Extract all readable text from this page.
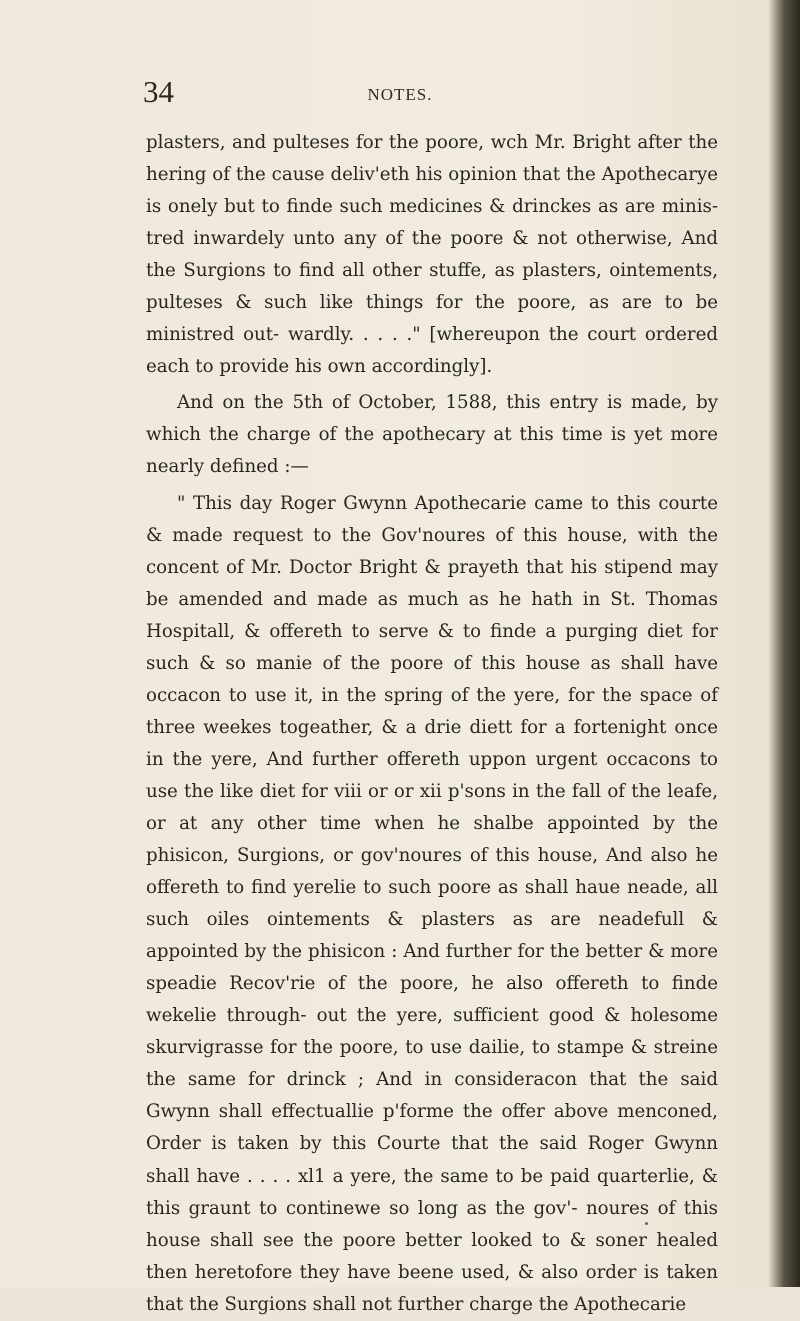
34	NOTES.

plasters, and pulteses for the poore, wch Mr. Bright after the hering of the cause deliv'eth his opinion that the Apothecarye is onely but to finde such medicines & drinckes as are minis- tred inwardely unto any of the poore & not otherwise, And the Surgions to find all other stuffe, as plasters, ointements, pulteses & such like things for the poore, as are to be ministred out- wardly. . . . ." [whereupon the court ordered each to provide his own accordingly].

And on the 5th of October, 1588, this entry is made, by which the charge of the apothecary at this time is yet more nearly defined :—

" This day Roger Gwynn Apothecarie came to this courte & made request to the Gov'noures of this house, with the concent of Mr. Doctor Bright & prayeth that his stipend may be amended and made as much as he hath in St. Thomas Hospitall, & offereth to serve & to finde a purging diet for such & so manie of the poore of this house as shall have occacon to use it, in the spring of the yere, for the space of three weekes togeather, & a drie diett for a fortenight once in the yere, And further offereth uppon urgent occacons to use the like diet for viii or or xii p'sons in the fall of the leafe, or at any other time when he shalbe appointed by the phisicon, Surgions, or gov'noures of this house, And also he offereth to find yerelie to such poore as shall haue neade, all such oiles ointements & plasters as are neadefull & appointed by the phisicon : And further for the better & more speadie Recov'rie of the poore, he also offereth to finde wekelie through- out the yere, sufficient good & holesome skurvigrasse for the poore, to use dailie, to stampe & streine the same for drinck ; And in consideracon that the said Gwynn shall effectuallie p'forme the offer above menconed, Order is taken by this Courte that the said Roger Gwynn shall have . . . . xl1 a yere, the same to be paid quarterlie, & this graunt to continewe so long as the gov'- noures of this house shall see the poore better looked to & soner healed then heretofore they have beene used, & also order is taken that the Surgions shall not further charge the Apothecarie
